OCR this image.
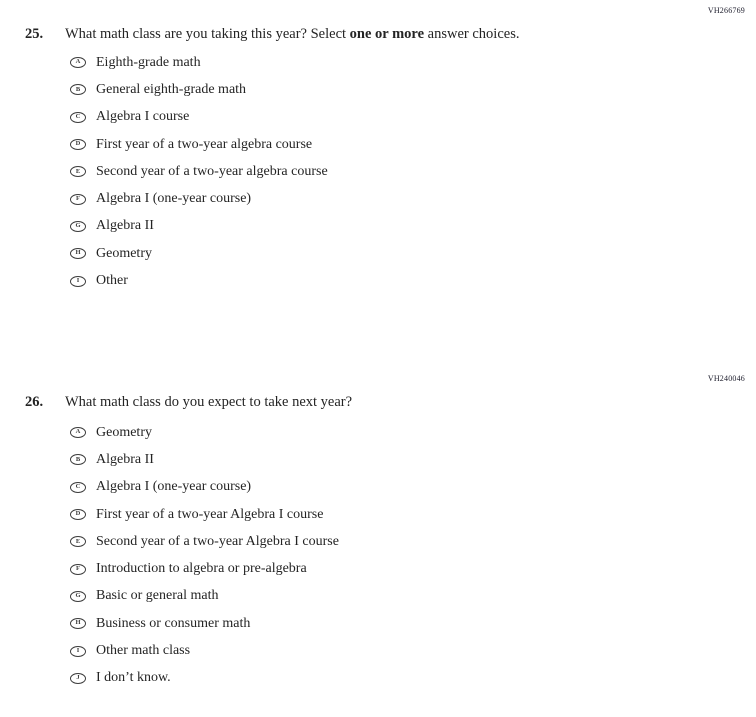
VH266769
25.	What math class are you taking this year? Select one or more answer choices.
A Eighth-grade math
B General eighth-grade math
C Algebra I course
D First year of a two-year algebra course
E Second year of a two-year algebra course
F Algebra I (one-year course)
G Algebra II
H Geometry
I Other
VH240046
26.	What math class do you expect to take next year?
A Geometry
B Algebra II
C Algebra I (one-year course)
D First year of a two-year Algebra I course
E Second year of a two-year Algebra I course
F Introduction to algebra or pre-algebra
G Basic or general math
H Business or consumer math
I Other math class
J I don’t know.
